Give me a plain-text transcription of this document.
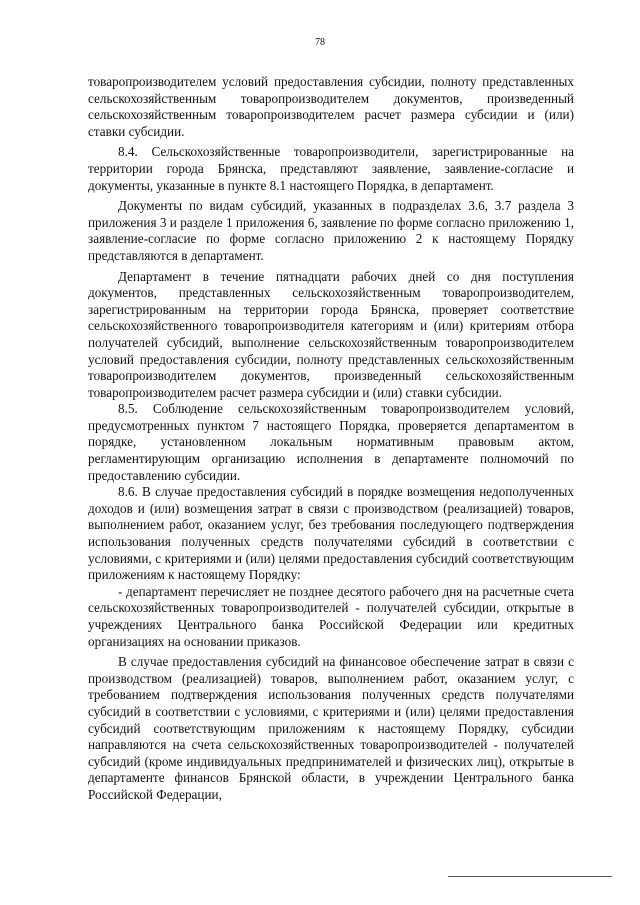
78

товаропроизводителем условий предоставления субсидии, полноту представленных сельскохозяйственным товаропроизводителем документов, произведенный сельскохозяйственным товаропроизводителем расчет размера субсидии и (или) ставки субсидии.

8.4. Сельскохозяйственные товаропроизводители, зарегистрированные на территории города Брянска, представляют заявление, заявление-согласие и документы, указанные в пункте 8.1 настоящего Порядка, в департамент.

Документы по видам субсидий, указанных в подразделах 3.6, 3.7 раздела 3 приложения 3 и разделе 1 приложения 6, заявление по форме согласно приложению 1, заявление-согласие по форме согласно приложению 2 к настоящему Порядку представляются в департамент.

Департамент в течение пятнадцати рабочих дней со дня поступления документов, представленных сельскохозяйственным товаропроизводителем, зарегистрированным на территории города Брянска, проверяет соответствие сельскохозяйственного товаропроизводителя категориям и (или) критериям отбора получателей субсидий, выполнение сельскохозяйственным товаропроизводителем условий предоставления субсидии, полноту представленных сельскохозяйственным товаропроизводителем документов, произведенный сельскохозяйственным товаропроизводителем расчет размера субсидии и (или) ставки субсидии.

8.5. Соблюдение сельскохозяйственным товаропроизводителем условий, предусмотренных пунктом 7 настоящего Порядка, проверяется департаментом в порядке, установленном локальным нормативным правовым актом, регламентирующим организацию исполнения в департаменте полномочий по предоставлению субсидии.

8.6. В случае предоставления субсидий в порядке возмещения недополученных доходов и (или) возмещения затрат в связи с производством (реализацией) товаров, выполнением работ, оказанием услуг, без требования последующего подтверждения использования полученных средств получателями субсидий в соответствии с условиями, с критериями и (или) целями предоставления субсидий соответствующим приложениям к настоящему Порядку:

- департамент перечисляет не позднее десятого рабочего дня на расчетные счета сельскохозяйственных товаропроизводителей - получателей субсидии, открытые в учреждениях Центрального банка Российской Федерации или кредитных организациях на основании приказов.

В случае предоставления субсидий на финансовое обеспечение затрат в связи с производством (реализацией) товаров, выполнением работ, оказанием услуг, с требованием подтверждения использования полученных средств получателями субсидий в соответствии с условиями, с критериями и (или) целями предоставления субсидий соответствующим приложениям к настоящему Порядку, субсидии направляются на счета сельскохозяйственных товаропроизводителей - получателей субсидий (кроме индивидуальных предпринимателей и физических лиц), открытые в департаменте финансов Брянской области, в учреждении Центрального банка Российской Федерации,
